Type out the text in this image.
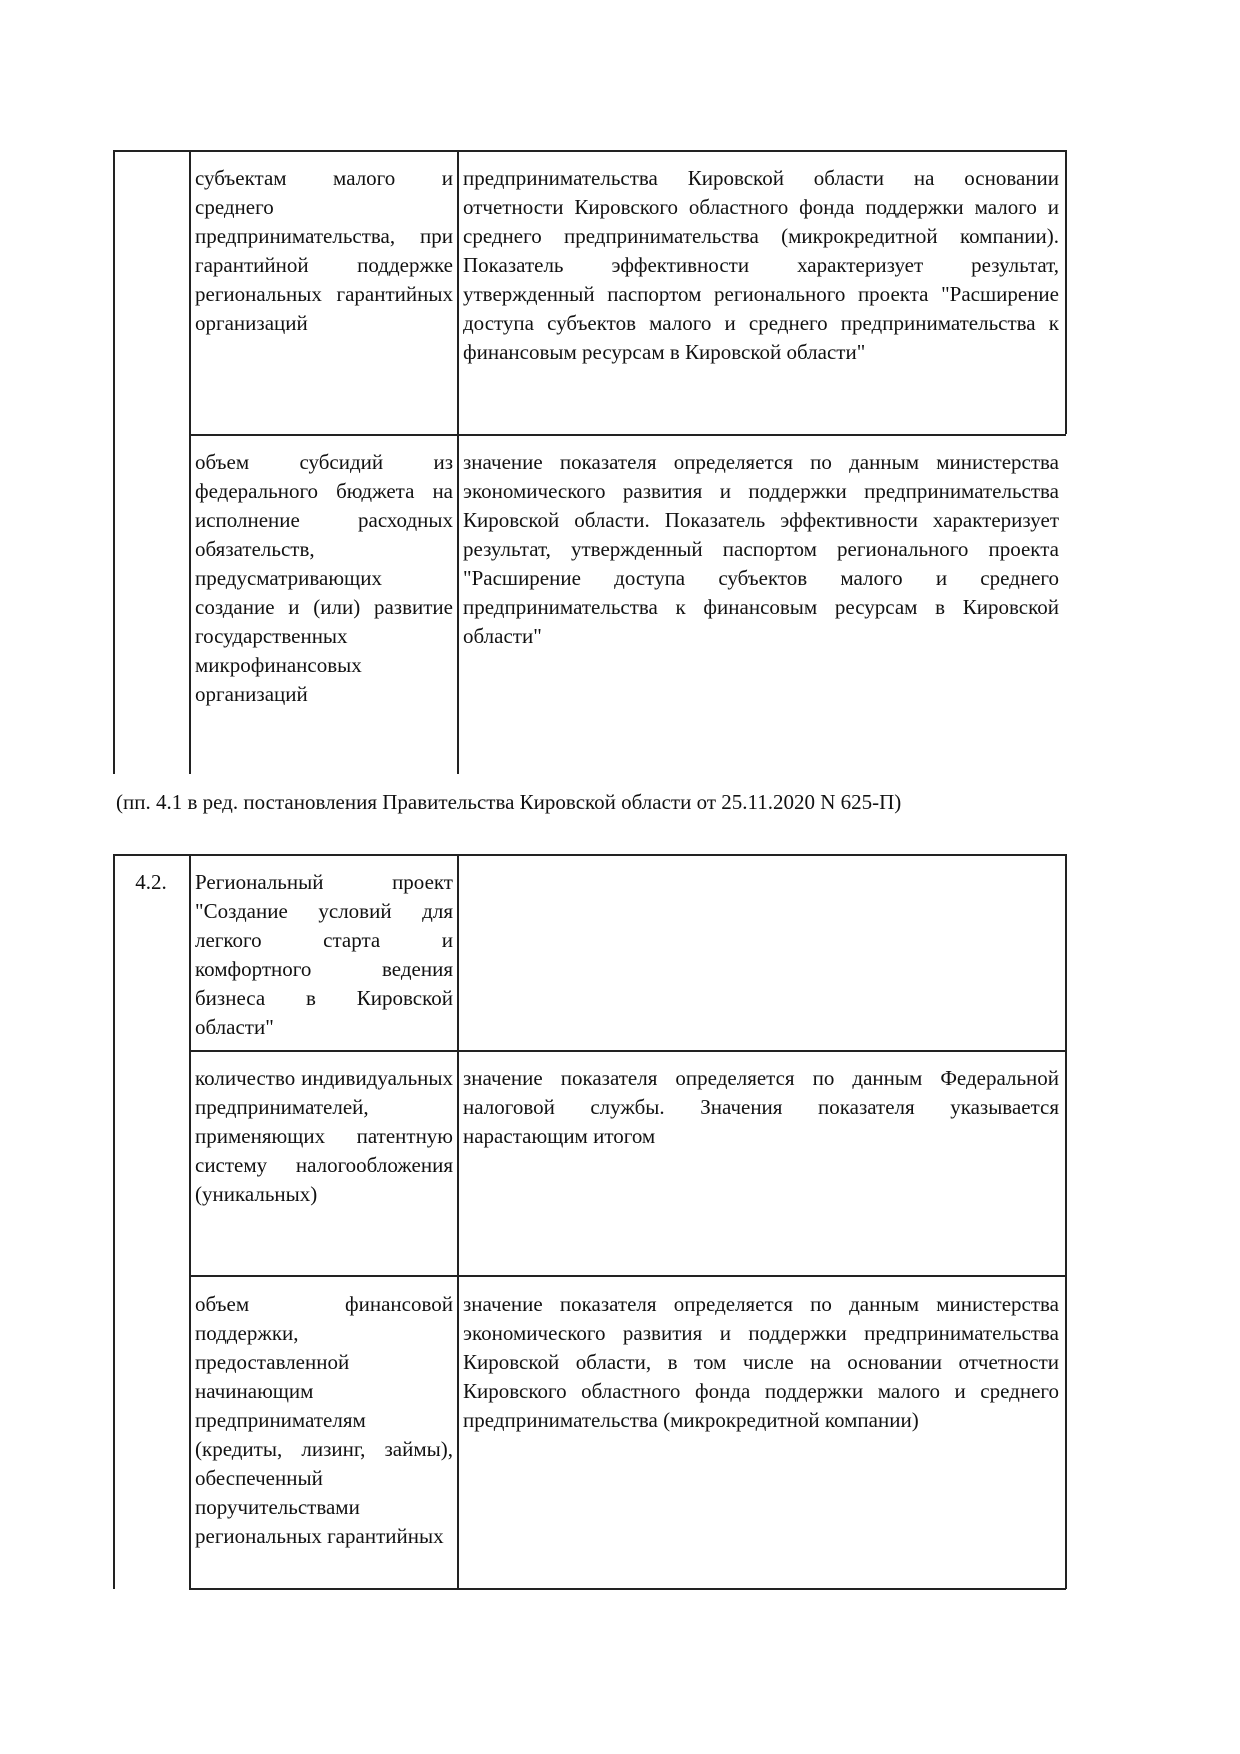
субъектам малого и среднего предпринимательства, при гарантийной поддержке региональных гарантийных организаций
предпринимательства Кировской области на основании отчетности Кировского областного фонда поддержки малого и среднего предпринимательства (микрокредитной компании). Показатель эффективности характеризует результат, утвержденный паспортом регионального проекта "Расширение доступа субъектов малого и среднего предпринимательства к финансовым ресурсам в Кировской области"
объем субсидий из федерального бюджета на исполнение расходных обязательств, предусматривающих создание и (или) развитие государственных микрофинансовых организаций
значение показателя определяется по данным министерства экономического развития и поддержки предпринимательства Кировской области. Показатель эффективности характеризует результат, утвержденный паспортом регионального проекта "Расширение доступа субъектов малого и среднего предпринимательства к финансовым ресурсам в Кировской области"
(пп. 4.1 в ред. постановления Правительства Кировской области от 25.11.2020 N 625-П)
4.2.	Региональный проект "Создание условий для легкого старта и комфортного ведения бизнеса в Кировской области"
количество индивидуальных предпринимателей, применяющих патентную систему налогообложения (уникальных)
значение показателя определяется по данным Федеральной налоговой службы. Значения показателя указывается нарастающим итогом
объем финансовой поддержки, предоставленной начинающим предпринимателям (кредиты, лизинг, займы), обеспеченный поручительствами региональных гарантийных
значение показателя определяется по данным министерства экономического развития и поддержки предпринимательства Кировской области, в том числе на основании отчетности Кировского областного фонда поддержки малого и среднего предпринимательства (микрокредитной компании)
